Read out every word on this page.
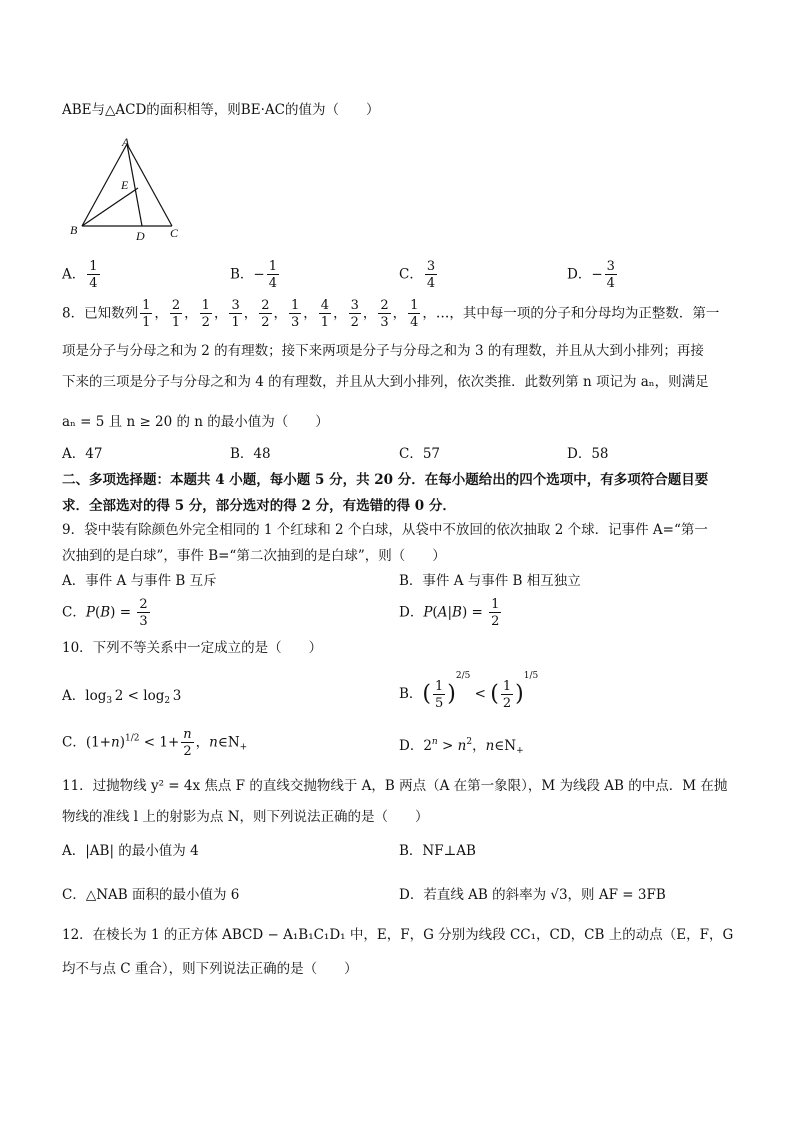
ABE与△ACD的面积相等，则BE·AC的值为（　　）
A
E
B	D C
A． $\frac{1}{4}$	B．− $\frac{1}{4}$	C． $\frac{3}{4}$	D．− $\frac{3}{4}$
8．已知数列 $\frac{1}{1}$ ， $\frac{2}{1}$ ， $\frac{1}{2}$ ， $\frac{3}{1}$ ， $\frac{2}{2}$ ， $\frac{1}{3}$ ， $\frac{4}{1}$ ， $\frac{3}{2}$ ， $\frac{2}{3}$ ， $\frac{1}{4}$ ，…，其中每一项的分子和分母均为正整数．第一
项是分子与分母之和为 2 的有理数；接下来两项是分子与分母之和为 3 的有理数，并且从大到小排列；再接
下来的三项是分子与分母之和为 4 的有理数，并且从大到小排列，依次类推．此数列第 n 项记为 aₙ，则满足
aₙ = 5 且 n ≥ 20 的 n 的最小值为（　　）
A．47	B．48	C．57	D．58
二、多项选择题：本题共 4 小题，每小题 5 分，共 20 分．在每小题给出的四个选项中，有多项符合题目要
求．全部选对的得 5 分，部分选对的得 2 分，有选错的得 0 分．
9．袋中装有除颜色外完全相同的 1 个红球和 2 个白球，从袋中不放回的依次抽取 2 个球．记事件 A=“第一
次抽到的是白球”，事件 B=“第二次抽到的是白球”，则（　　）
A．事件 A 与事件 B 互斥	B．事件 A 与事件 B 相互独立
C．$P(B) = \frac{2}{3}$	D．$P(A|B) = \frac{1}{2}$
10．下列不等关系中一定成立的是（　　）
A．$\log_3 2 < \log_2 3$	B．( $\frac{1}{5} )^{2/5}$ < ( $\frac{1}{2} )^{1/5}$
C．$(1+n)^{1/2} < 1+ \frac{n}{2}$ ，$n\in N_+$	D．$2^n > n^2$，$n\in N_+$
11．过抛物线 y² = 4x 焦点 F 的直线交抛物线于 A，B 两点（A 在第一象限），M 为线段 AB 的中点．M 在抛
物线的准线 l 上的射影为点 N，则下列说法正确的是（　　）
A．|AB| 的最小值为 4	B．NF⊥AB
C．△NAB 面积的最小值为 6	D．若直线 AB 的斜率为 √3，则 AF = 3FB
12．在棱长为 1 的正方体 ABCD − A₁B₁C₁D₁ 中，E，F，G 分别为线段 CC₁，CD，CB 上的动点（E，F，G
均不与点 C 重合），则下列说法正确的是（　　）
